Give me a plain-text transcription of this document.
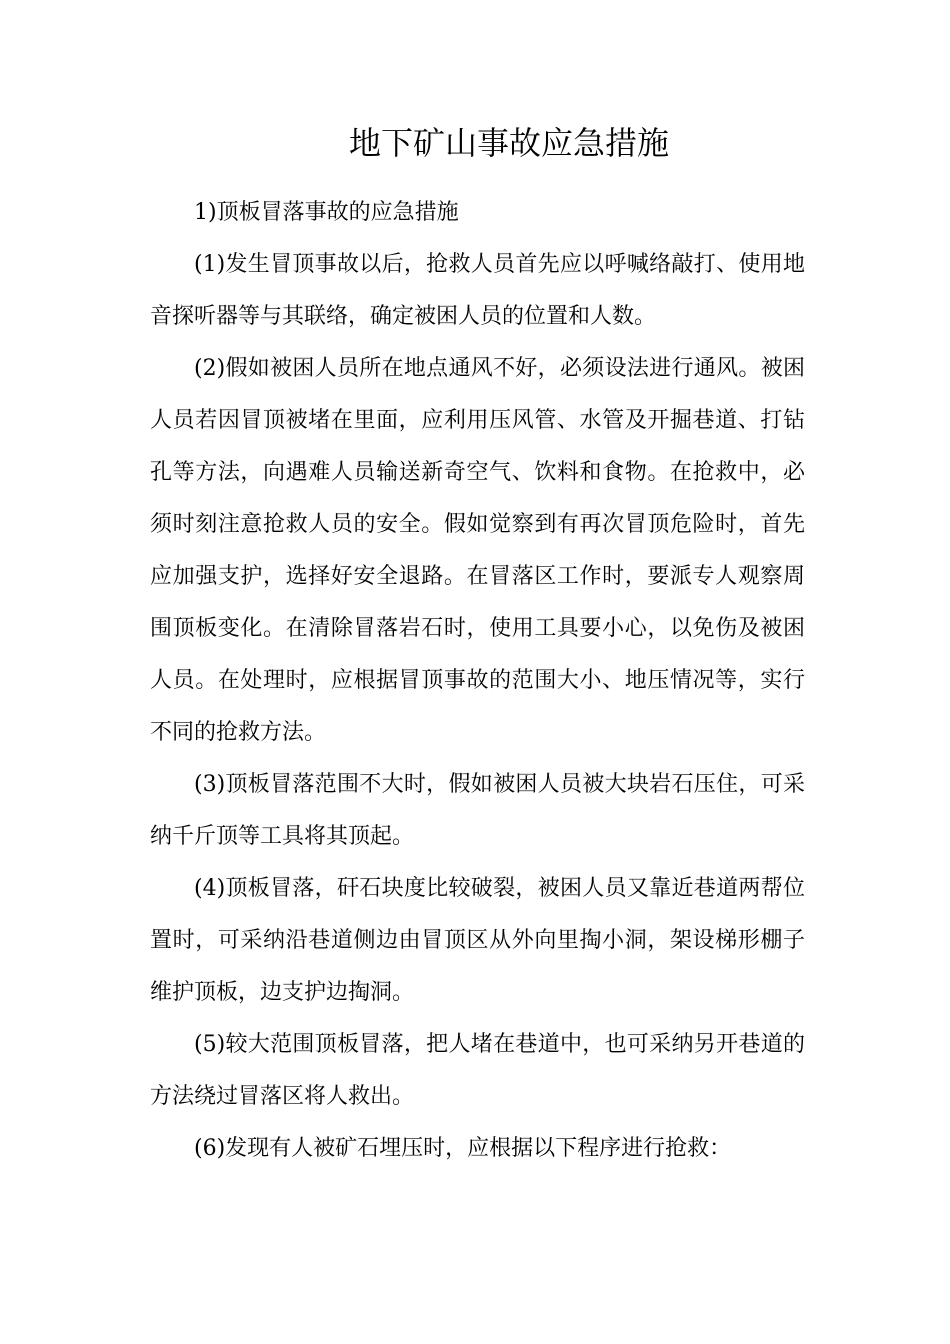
地下矿山事故应急措施

1)顶板冒落事故的应急措施

(1)发生冒顶事故以后，抢救人员首先应以呼喊络敲打、使用地音探听器等与其联络，确定被困人员的位置和人数。

(2)假如被困人员所在地点通风不好，必须设法进行通风。被困人员若因冒顶被堵在里面，应利用压风管、水管及开掘巷道、打钻孔等方法，向遇难人员输送新奇空气、饮料和食物。在抢救中，必须时刻注意抢救人员的安全。假如觉察到有再次冒顶危险时，首先应加强支护，选择好安全退路。在冒落区工作时，要派专人观察周围顶板变化。在清除冒落岩石时，使用工具要小心，以免伤及被困人员。在处理时，应根据冒顶事故的范围大小、地压情况等，实行不同的抢救方法。

(3)顶板冒落范围不大时，假如被困人员被大块岩石压住，可采纳千斤顶等工具将其顶起。

(4)顶板冒落，矸石块度比较破裂，被困人员又靠近巷道两帮位置时，可采纳沿巷道侧边由冒顶区从外向里掏小洞，架设梯形棚子维护顶板，边支护边掏洞。

(5)较大范围顶板冒落，把人堵在巷道中，也可采纳另开巷道的方法绕过冒落区将人救出。

(6)发现有人被矿石埋压时，应根据以下程序进行抢救：
